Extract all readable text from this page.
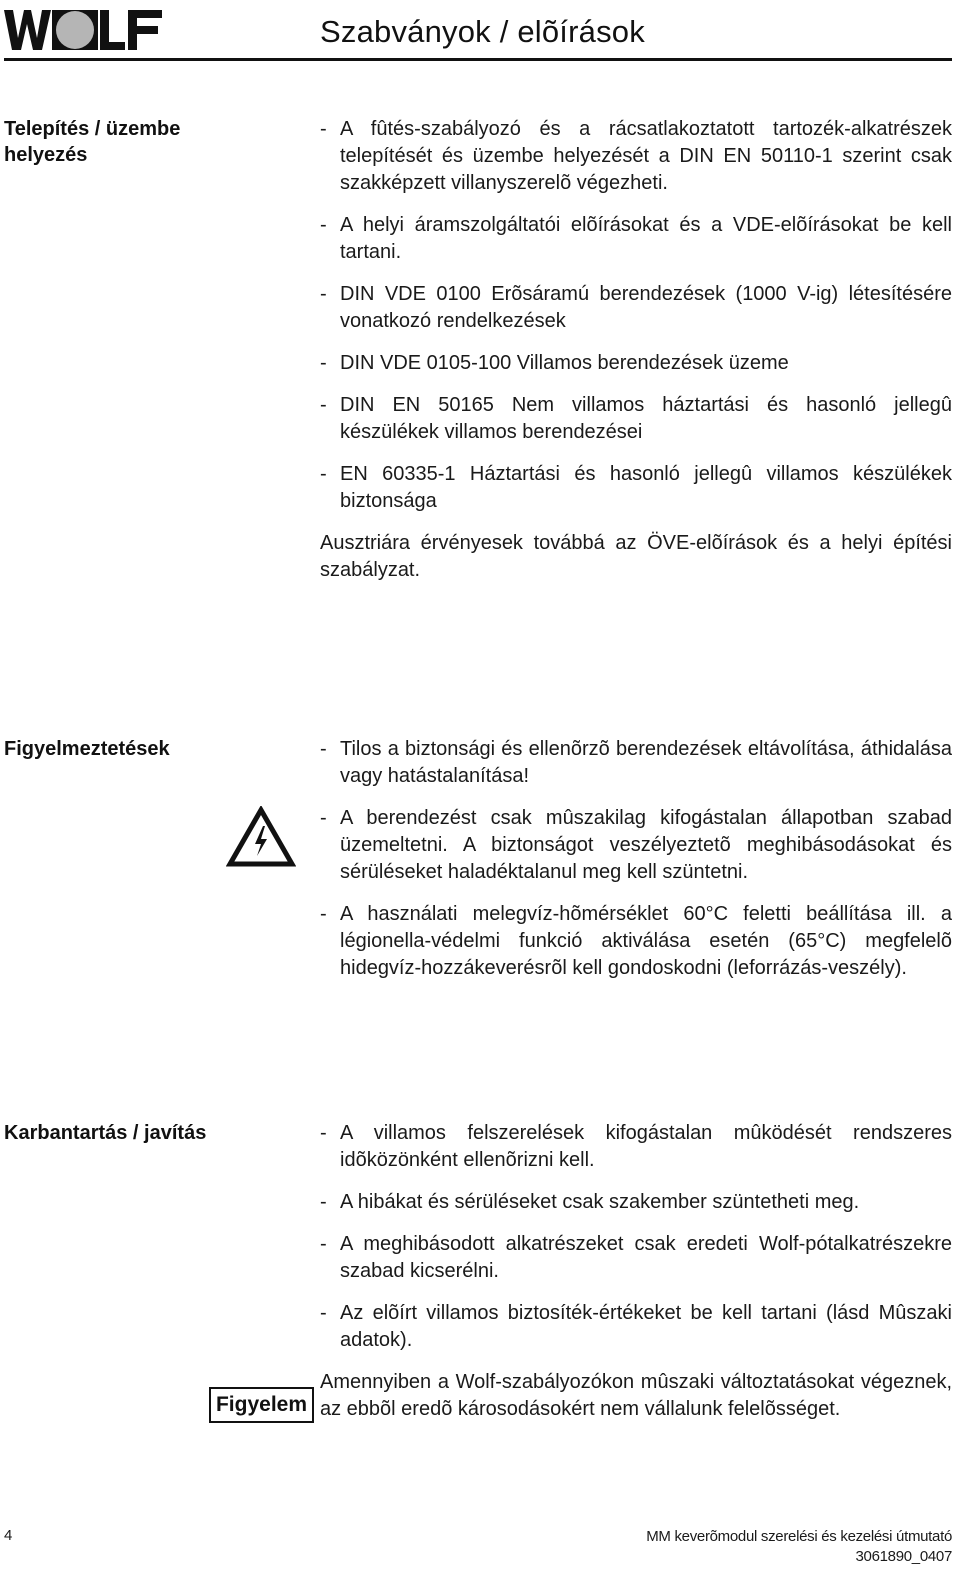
Szabványok / elõírások
Telepítés / üzembe helyezés
- A fûtés-szabályozó és a rácsatlakoztatott tartozék-alkatrészek telepítését és üzembe helyezését a DIN EN 50110-1 szerint csak szakképzett villanyszerelõ végezheti.
- A helyi áramszolgáltatói elõírásokat és a VDE-elõírásokat be kell tartani.
- DIN VDE 0100 Erõsáramú berendezések (1000 V-ig) létesítésére vonatkozó rendelkezések
- DIN VDE 0105-100 Villamos berendezések üzeme
- DIN EN 50165 Nem villamos háztartási és hasonló jellegû készülékek villamos berendezései
- EN 60335-1 Háztartási és hasonló jellegû villamos készülékek biztonsága

Ausztriára érvényesek továbbá az ÖVE-elõírások és a helyi építési szabályzat.

Figyelmeztetések	- Tilos a biztonsági és ellenõrzõ berendezések eltávolítása, áthidalása vagy hatástalanítása!
- A berendezést csak mûszakilag kifogástalan állapotban szabad üzemeltetni. A biztonságot veszélyeztetõ meghibásodásokat és sérüléseket haladéktalanul meg kell szüntetni.
- A használati melegvíz-hõmérséklet 60°C feletti beállítása ill. a légionella-védelmi funkció aktiválása esetén (65°C) megfelelõ hidegvíz-hozzákeverésrõl kell gondoskodni (leforrázás-veszély).
Karbantartás / javítás	- A villamos felszerelések kifogástalan mûködését rendszeres idõközönként ellenõrizni kell.
- A hibákat és sérüléseket csak szakember szüntetheti meg.
- A meghibásodott alkatrészeket csak eredeti Wolf-pótalkatrészekre szabad kicserélni.
- Az elõírt villamos biztosíték-értékeket be kell tartani (lásd Mûszaki adatok).

Amennyiben a Wolf-szabályozókon mûszaki változtatásokat végeznek, az ebbõl eredõ károsodásokért nem vállalunk felelõsséget.

Figyelem
4	MM keverõmodul szerelési és kezelési útmutató
3061890_0407
